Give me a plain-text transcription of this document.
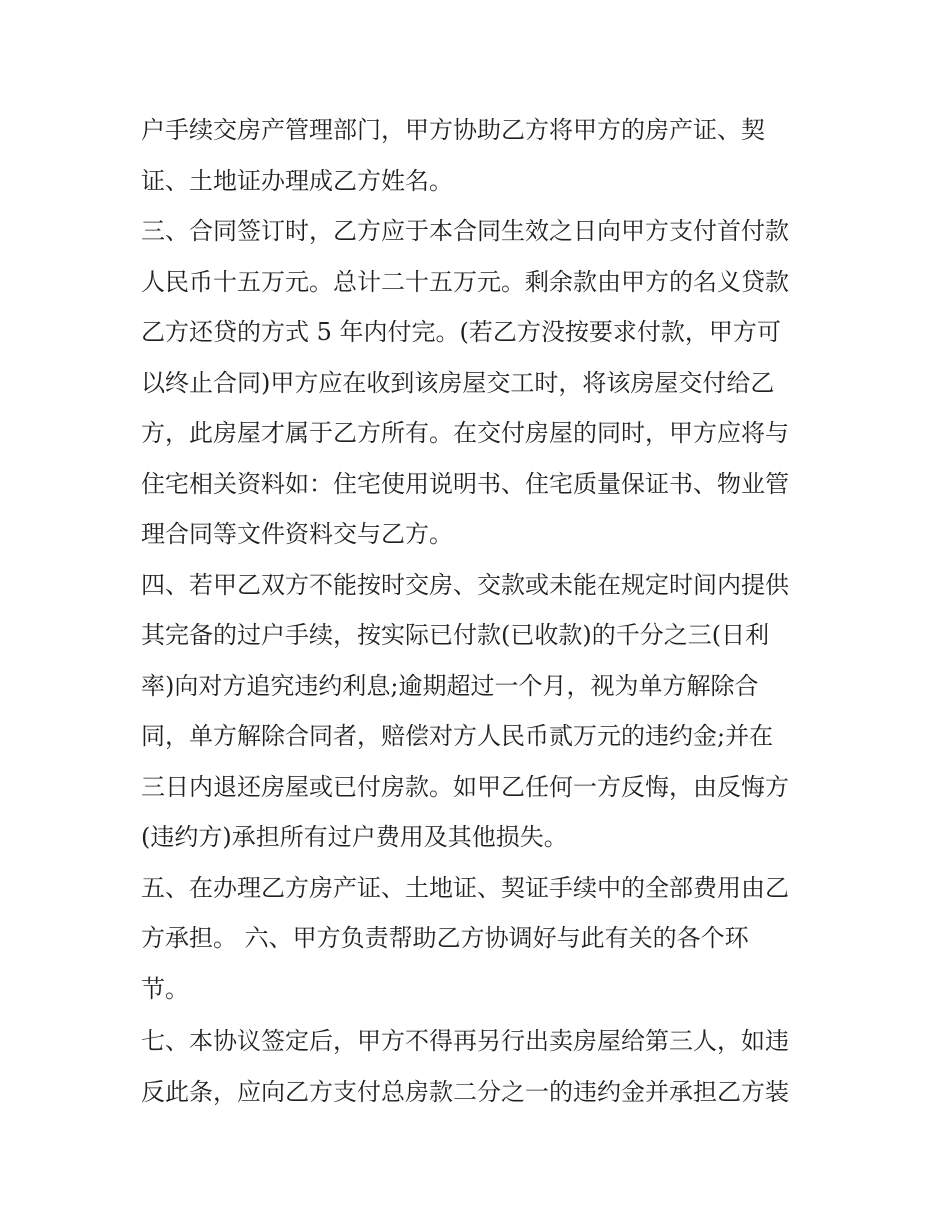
户手续交房产管理部门，甲方协助乙方将甲方的房产证、契
证、土地证办理成乙方姓名。
三、合同签订时，乙方应于本合同生效之日向甲方支付首付款
人民币十五万元。总计二十五万元。剩余款由甲方的名义贷款
乙方还贷的方式 5 年内付完。(若乙方没按要求付款，甲方可
以终止合同)甲方应在收到该房屋交工时，将该房屋交付给乙
方，此房屋才属于乙方所有。在交付房屋的同时，甲方应将与
住宅相关资料如：住宅使用说明书、住宅质量保证书、物业管
理合同等文件资料交与乙方。
四、若甲乙双方不能按时交房、交款或未能在规定时间内提供
其完备的过户手续，按实际已付款(已收款)的千分之三(日利
率)向对方追究违约利息;逾期超过一个月，视为单方解除合
同，单方解除合同者，赔偿对方人民币贰万元的违约金;并在
三日内退还房屋或已付房款。如甲乙任何一方反悔，由反悔方
(违约方)承担所有过户费用及其他损失。
五、在办理乙方房产证、土地证、契证手续中的全部费用由乙
方承担。 六、甲方负责帮助乙方协调好与此有关的各个环
节。
七、本协议签定后，甲方不得再另行出卖房屋给第三人，如违
反此条，应向乙方支付总房款二分之一的违约金并承担乙方装
